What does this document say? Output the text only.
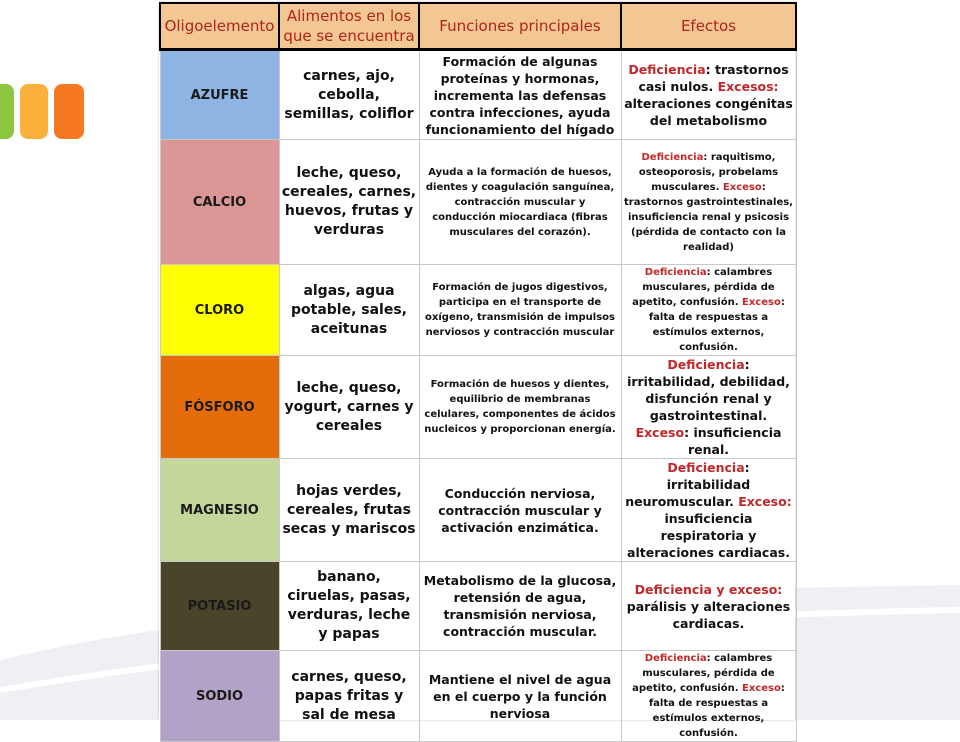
Oligoelemento	Alimentos en los que se encuentra	Funciones principales	Efectos
AZUFRE	carnes, ajo, cebolla, semillas, coliflor	Formación de algunas proteínas y hormonas, incrementa las defensas contra infecciones, ayuda funcionamiento del hígado	Deficiencia: trastornos casi nulos. Excesos: alteraciones congénitas del metabolismo
CALCIO	leche, queso, cereales, carnes, huevos, frutas y verduras	Ayuda a la formación de huesos, dientes y coagulación sanguínea, contracción muscular y conducción miocardiaca (fibras musculares del corazón).	Deficiencia: raquitismo, osteoporosis, probelams musculares. Exceso: trastornos gastrointestinales, insuficiencia renal y psicosis (pérdida de contacto con la realidad)
CLORO	algas, agua potable, sales, aceitunas	Formación de jugos digestivos, participa en el transporte de oxígeno, transmisión de impulsos nerviosos y contracción muscular	Deficiencia: calambres musculares, pérdida de apetito, confusión. Exceso: falta de respuestas a estímulos externos, confusión.
FÓSFORO	leche, queso, yogurt, carnes y cereales	Formación de huesos y dientes, equilibrio de membranas celulares, componentes de ácidos nucleicos y proporcionan energía.	Deficiencia: irritabilidad, debilidad, disfunción renal y gastrointestinal. Exceso: insuficiencia renal.
MAGNESIO	hojas verdes, cereales, frutas secas y mariscos	Conducción nerviosa, contracción muscular y activación enzimática.	Deficiencia: irritabilidad neuromuscular. Exceso: insuficiencia respiratoria y alteraciones cardiacas.
POTASIO	banano, ciruelas, pasas, verduras, leche y papas	Metabolismo de la glucosa, retensión de agua, transmisión nerviosa, contracción muscular.	Deficiencia y exceso: parálisis y alteraciones cardiacas.
SODIO	carnes, queso, papas fritas y sal de mesa	Mantiene el nivel de agua en el cuerpo y la función nerviosa	Deficiencia: calambres musculares, pérdida de apetito, confusión. Exceso: falta de respuestas a estímulos externos, confusión.
